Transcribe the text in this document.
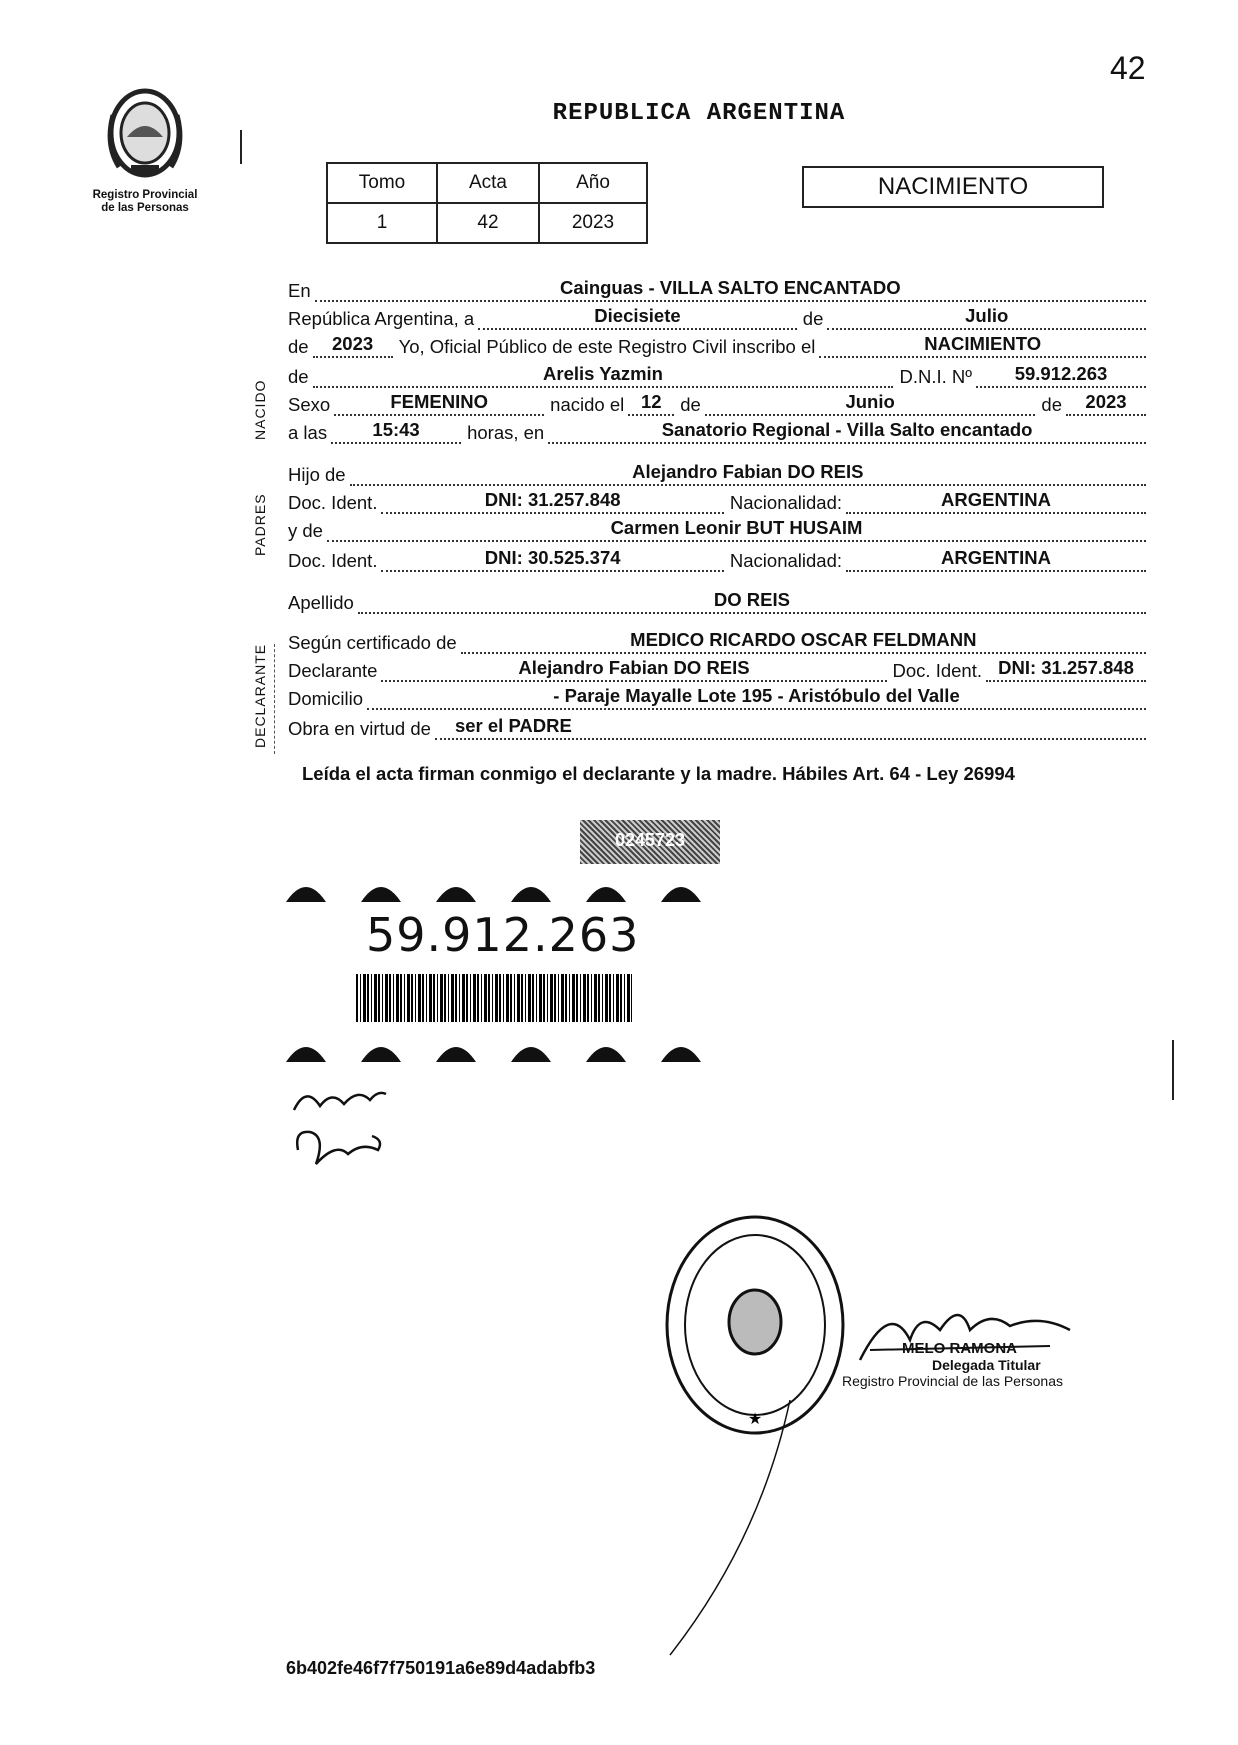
42
Registro Provincial
de las Personas
REPUBLICA ARGENTINA
Tomo	Acta	Año
1	42	2023
NACIMIENTO
NACIDO
PADRES
DECLARANTE
En	Cainguas - VILLA SALTO ENCANTADO
República Argentina, a	Diecisiete	de	Julio
de	2023	Yo, Oficial Público de este Registro Civil inscribo el	NACIMIENTO
de	Arelis Yazmin	D.N.I. Nº	59.912.263
Sexo	FEMENINO	nacido el 12	de	Junio	de	2023
a las	15:43	horas, en	Sanatorio Regional - Villa Salto encantado
Hijo de	Alejandro Fabian DO REIS
Doc. Ident.	DNI: 31.257.848	Nacionalidad:	ARGENTINA
y de	Carmen Leonir BUT HUSAIM
Doc. Ident.	DNI: 30.525.374	Nacionalidad:	ARGENTINA
Apellido	DO REIS
Según certificado de	MEDICO RICARDO OSCAR FELDMANN
Declarante	Alejandro Fabian DO REIS	Doc. Ident. DNI: 31.257.848
Domicilio	- Paraje Mayalle Lote 195 - Aristóbulo del Valle
Obra en virtud de ser el PADRE
Leída el acta firman conmigo el declarante y la madre. Hábiles Art. 64 - Ley 26994
0245723
59.912.263
★
MELO RAMONA
Delegada Titular
Registro Provincial de las Personas
6b402fe46f7f750191a6e89d4adabfb3
